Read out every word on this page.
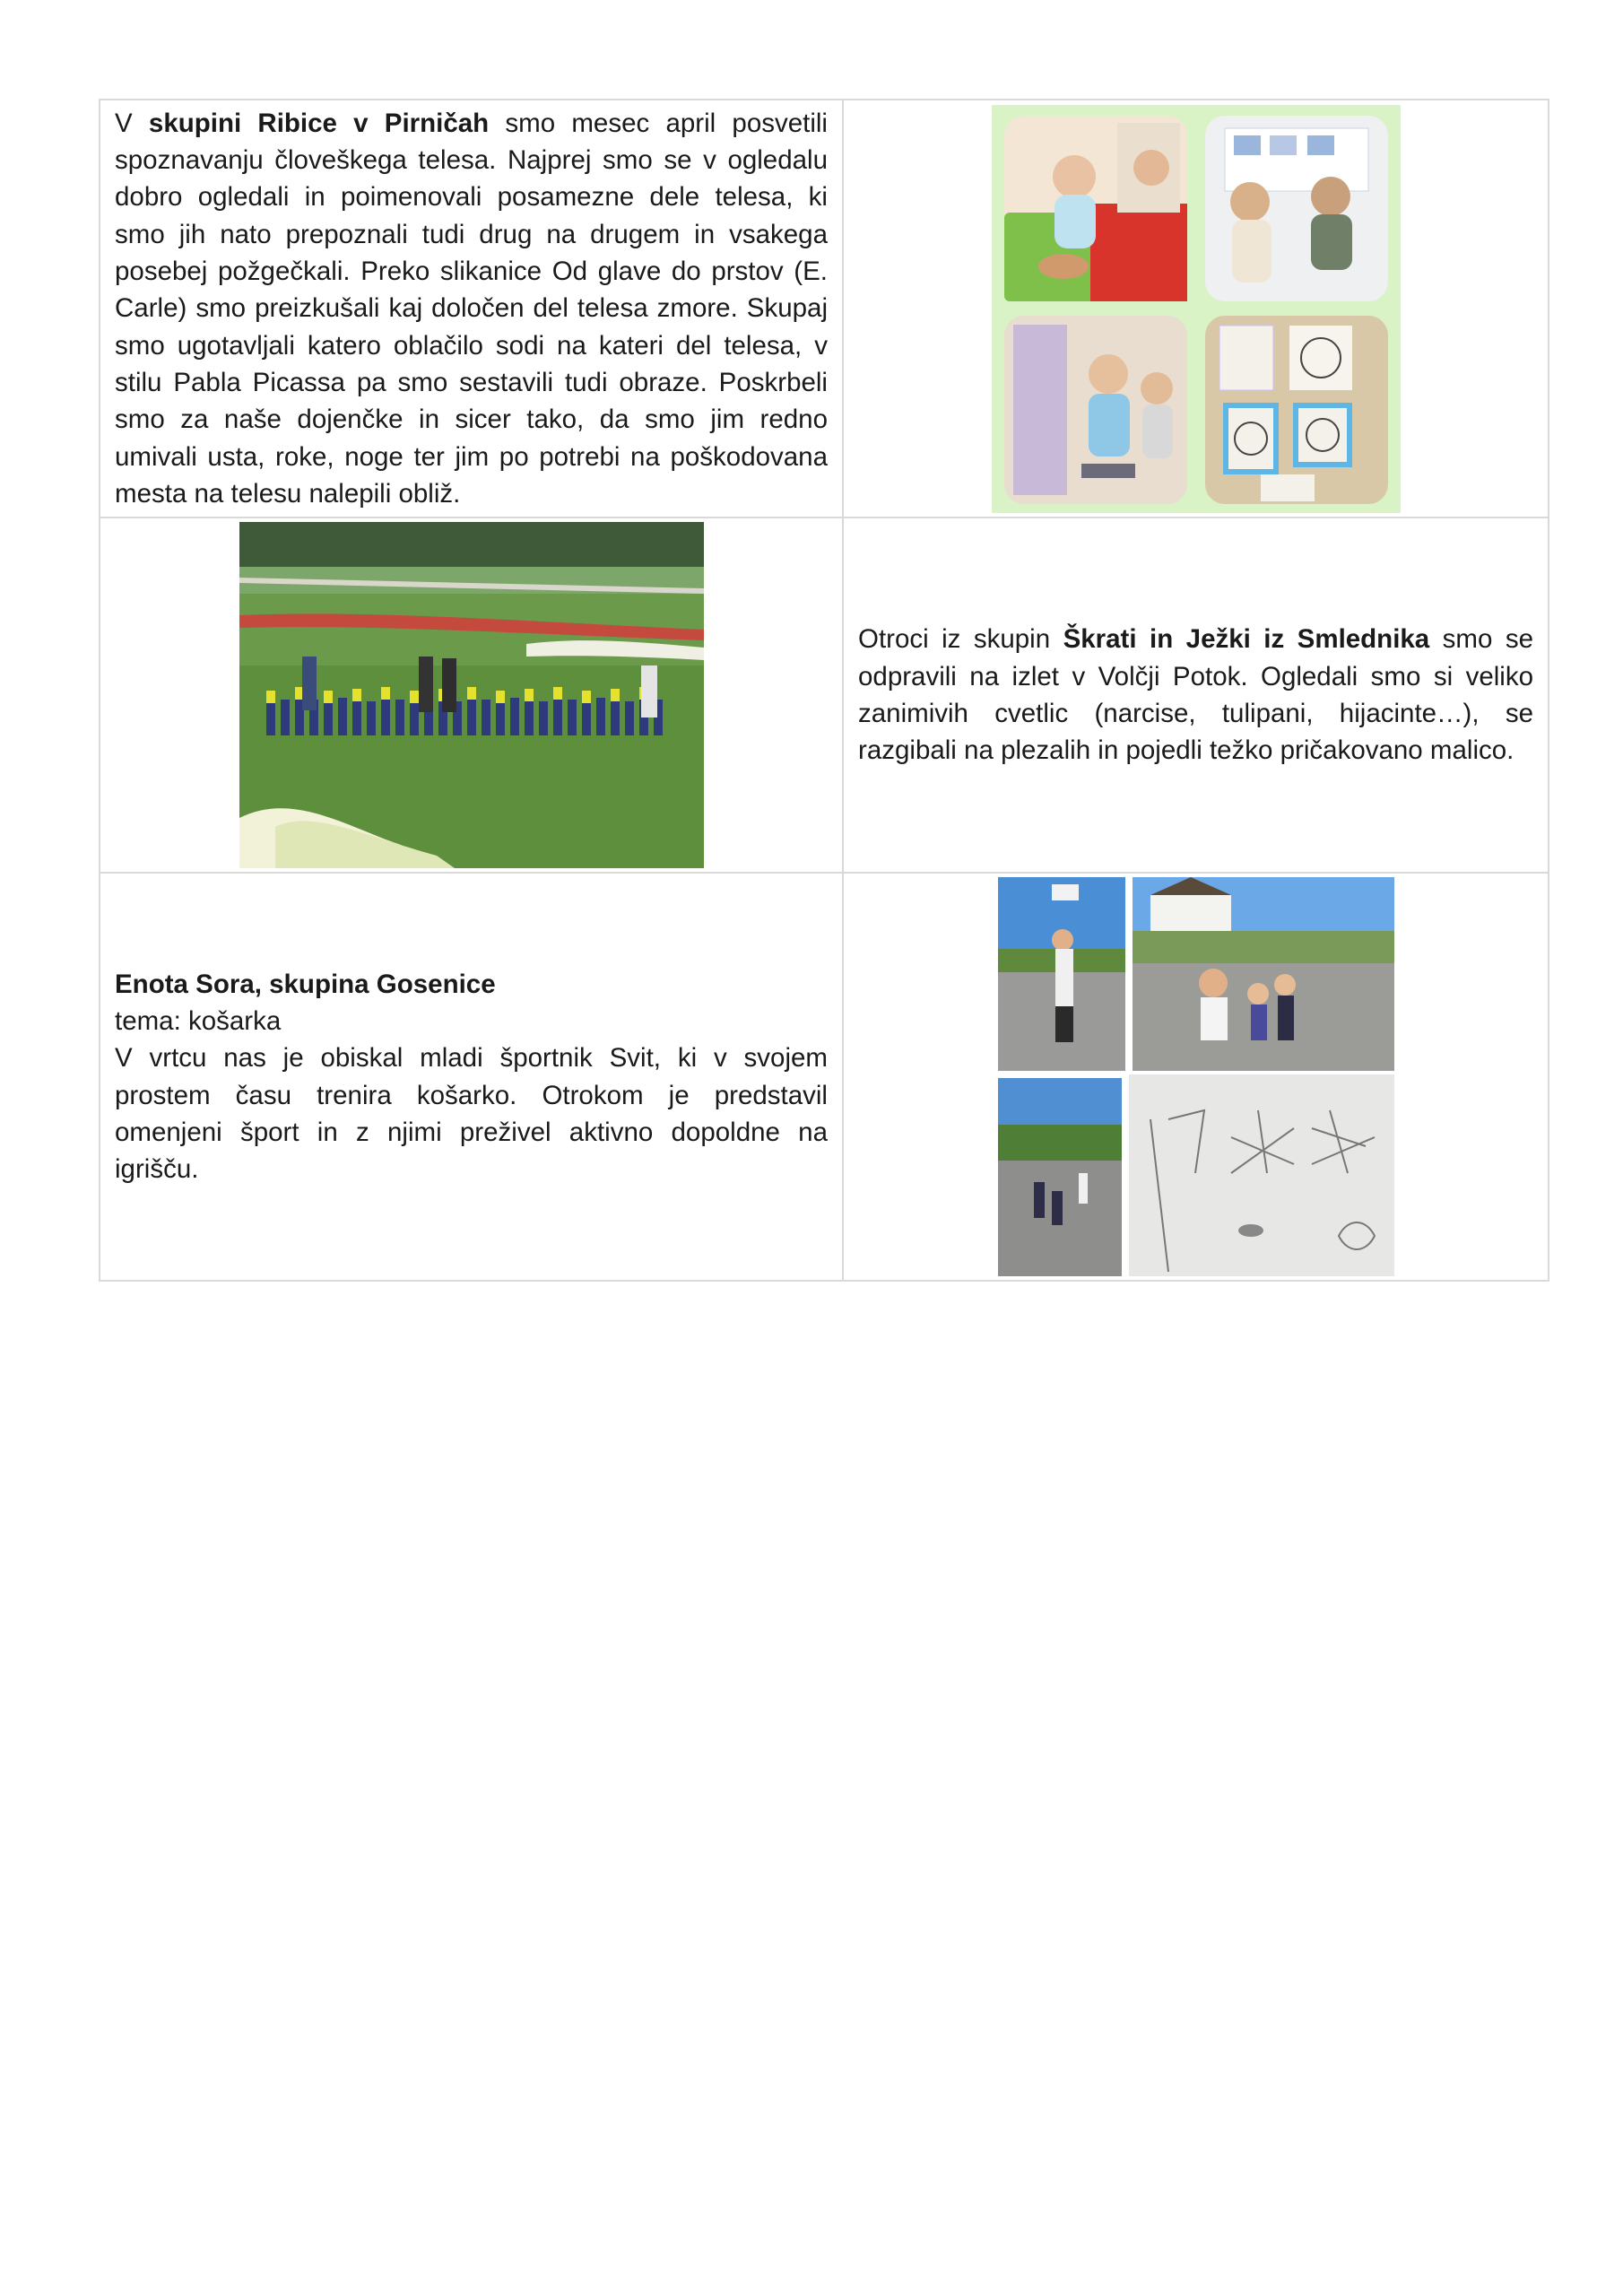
V skupini Ribice v Pirničah smo mesec april posvetili spoznavanju človeškega telesa. Najprej smo se v ogledalu dobro ogledali in poimenovali posamezne dele telesa, ki smo jih nato prepoznali tudi drug na drugem in vsakega posebej požgečkali. Preko slikanice Od glave do prstov (E. Carle) smo preizkušali kaj določen del telesa zmore. Skupaj smo ugotavljali katero oblačilo sodi na kateri del telesa, v stilu Pabla Picassa pa smo sestavili tudi obraze. Poskrbeli smo za naše dojenčke in sicer tako, da smo jim redno umivali usta, roke, noge ter jim po potrebi na poškodovana mesta na telesu nalepili obliž.

Otroci iz skupin Škrati in Ježki iz Smlednika smo se odpravili na izlet v Volčji Potok. Ogledali smo si veliko zanimivih cvetlic (narcise, tulipani, hijacinte…), se razgibali na plezalih in pojedli težko pričakovano malico.

Enota Sora, skupina Gosenice

tema: košarka

V vrtcu nas je obiskal mladi športnik Svit, ki v svojem prostem času trenira košarko. Otrokom je predstavil omenjeni šport in z njimi preživel aktivno dopoldne na igrišču.
